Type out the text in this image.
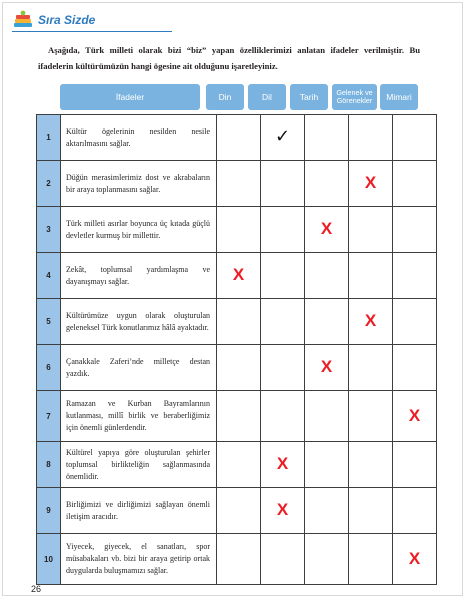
Sıra Sizde

Aşağıda, Türk milleti olarak bizi “biz” yapan özelliklerimizi anlatan ifadeler verilmiştir. Bu ifadelerin kültürümüzün hangi ögesine ait olduğunu işaretleyiniz.

İfadeler	Din	Dil	Tarih	Gelenek ve Görenekler	Mimari
1	Kültür ögelerinin nesilden nesile aktarılmasını sağlar.		✓			
2	Düğün merasimlerimiz dost ve akrabaların bir araya toplanmasını sağlar.				X	
3	Türk milleti asırlar boyunca üç kıtada güçlü devletler kurmuş bir millettir.			X		
4	Zekât, toplumsal yardımlaşma ve dayanışmayı sağlar.	X				
5	Kültürümüze uygun olarak oluşturulan geleneksel Türk konutlarımız hâlâ ayaktadır.				X	
6	Çanakkale Zaferi’nde milletçe destan yazdık.			X		
7	Ramazan ve Kurban Bayramlarının kutlanması, millî birlik ve beraberliğimiz için önemli günlerdendir.					X
8	Kültürel yapıya göre oluşturulan şehirler toplumsal birlikteliğin sağlanmasında önemlidir.		X			
9	Birliğimizi ve dirliğimizi sağlayan önemli iletişim aracıdır.		X			
10	Yiyecek, giyecek, el sanatları, spor müsabakaları vb. bizi bir araya getirip ortak duygularda buluşmamızı sağlar.					X
26
